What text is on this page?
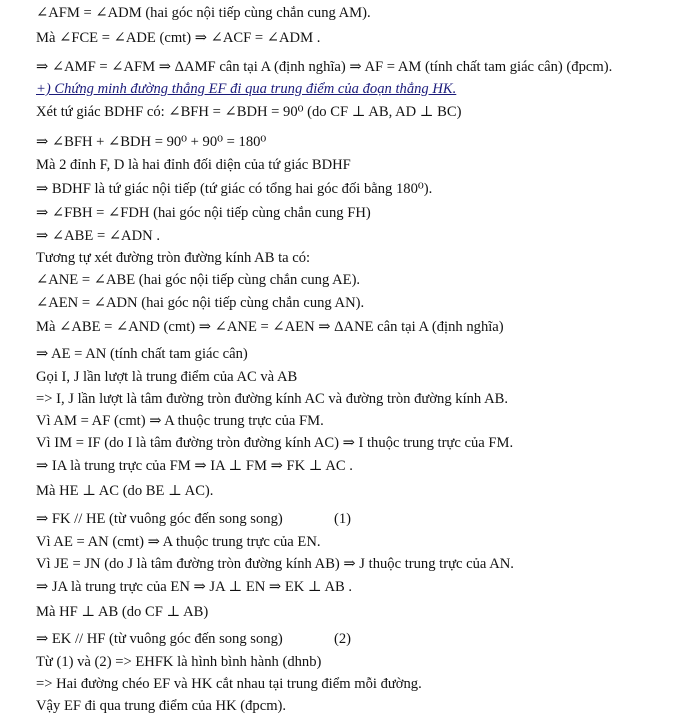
∠AFM = ∠ADM (hai góc nội tiếp cùng chắn cung AM).
Mà ∠FCE = ∠ADE (cmt) ⇒ ∠ACF = ∠ADM .
⇒ ∠AMF = ∠AFM ⇒ ΔAMF cân tại A (định nghĩa) ⇒ AF = AM (tính chất tam giác cân) (đpcm).
+) Chứng minh đường thẳng EF đi qua trung điểm của đoạn thẳng HK.
Xét tứ giác BDHF có: ∠BFH = ∠BDH = 90⁰ (do CF ⊥ AB, AD ⊥ BC)
⇒ ∠BFH + ∠BDH = 90⁰ + 90⁰ = 180⁰
Mà 2 đỉnh F, D là hai đỉnh đối diện của tứ giác BDHF
⇒ BDHF là tứ giác nội tiếp (tứ giác có tổng hai góc đối bằng 180⁰).
⇒ ∠FBH = ∠FDH (hai góc nội tiếp cùng chắn cung FH)
⇒ ∠ABE = ∠ADN .
Tương tự xét đường tròn đường kính AB ta có:
∠ANE = ∠ABE (hai góc nội tiếp cùng chắn cung AE).
∠AEN = ∠ADN (hai góc nội tiếp cùng chắn cung AN).
Mà ∠ABE = ∠AND (cmt) ⇒ ∠ANE = ∠AEN ⇒ ΔANE cân tại A (định nghĩa)
⇒ AE = AN (tính chất tam giác cân)
Gọi I, J lần lượt là trung điểm của AC và AB
=> I, J lần lượt là tâm đường tròn đường kính AC và đường tròn đường kính AB.
Vì AM = AF (cmt) ⇒ A thuộc trung trực của FM.
Vì IM = IF (do I là tâm đường tròn đường kính AC) ⇒ I thuộc trung trực của FM.
⇒ IA là trung trực của FM ⇒ IA ⊥ FM ⇒ FK ⊥ AC .
Mà HE ⊥ AC (do BE ⊥ AC).
⇒ FK // HE (từ vuông góc đến song song)	(1)
Vì AE = AN (cmt) ⇒ A thuộc trung trực của EN.
Vì JE = JN (do J là tâm đường tròn đường kính AB) ⇒ J thuộc trung trực của AN.
⇒ JA là trung trực của EN ⇒ JA ⊥ EN ⇒ EK ⊥ AB .
Mà HF ⊥ AB (do CF ⊥ AB)
⇒ EK // HF (từ vuông góc đến song song)	(2)
Từ (1) và (2) => EHFK là hình bình hành (dhnb)
=> Hai đường chéo EF và HK cắt nhau tại trung điểm mỗi đường.
Vậy EF đi qua trung điểm của HK (đpcm).
